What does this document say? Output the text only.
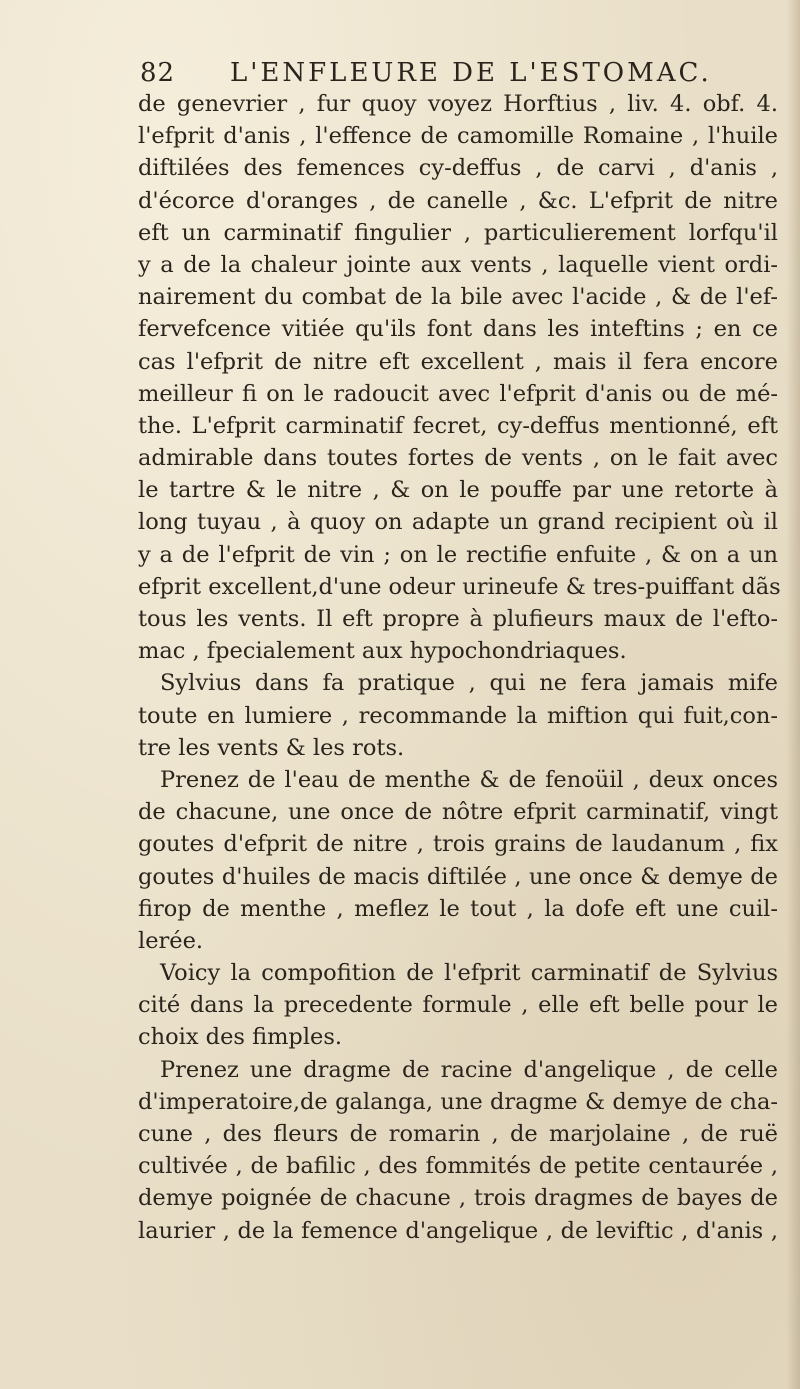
82 L'ENFLEURE DE L'ESTOMAC.
de genevrier , fur quoy voyez Horftius , liv. 4. obf. 4.
l'efprit d'anis , l'effence de camomille Romaine , l'huile
diftilées des femences cy-deffus , de carvi , d'anis ,
d'écorce d'oranges , de canelle , &c. L'efprit de nitre
eft un carminatif fingulier , particulierement lorfqu'il
y a de la chaleur jointe aux vents , laquelle vient ordi-
nairement du combat de la bile avec l'acide , & de l'ef-
fervefcence vitiée qu'ils font dans les inteftins ; en ce
cas l'efprit de nitre eft excellent , mais il fera encore
meilleur fi on le radoucit avec l'efprit d'anis ou de mé-
the. L'efprit carminatif fecret, cy-deffus mentionné, eft
admirable dans toutes fortes de vents , on le fait avec
le tartre & le nitre , & on le pouffe par une retorte à
long tuyau , à quoy on adapte un grand recipient où il
y a de l'efprit de vin ; on le rectifie enfuite , & on a un
efprit excellent,d'une odeur urineufe & tres-puiffant dãs
tous les vents. Il eft propre à plufieurs maux de l'efto-
mac , fpecialement aux hypochondriaques.
Sylvius dans fa pratique , qui ne fera jamais mife
toute en lumiere , recommande la miftion qui fuit,con-
tre les vents & les rots.
Prenez de l'eau de menthe & de fenoüil , deux onces
de chacune, une once de nôtre efprit carminatif, vingt
goutes d'efprit de nitre , trois grains de laudanum , fix
goutes d'huiles de macis diftilée , une once & demye de
firop de menthe , meflez le tout , la dofe eft une cuil-
lerée.
Voicy la compofition de l'efprit carminatif de Sylvius
cité dans la precedente formule , elle eft belle pour le
choix des fimples.
Prenez une dragme de racine d'angelique , de celle
d'imperatoire,de galanga, une dragme & demye de cha-
cune , des fleurs de romarin , de marjolaine , de ruë
cultivée , de bafilic , des fommités de petite centaurée ,
demye poignée de chacune , trois dragmes de bayes de
laurier , de la femence d'angelique , de leviftic , d'anis ,
